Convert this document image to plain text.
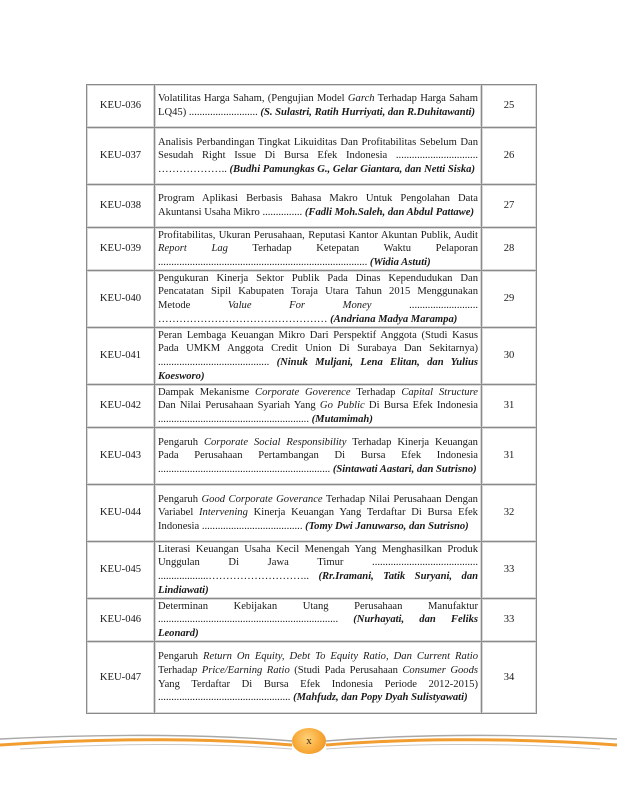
KEU-036	Volatilitas Harga Saham, (Pengujian Model Garch Terhadap Harga Saham LQ45) .......................... (S. Sulastri, Ratih Hurriyati, dan R.Duhitawanti)	25
KEU-037	Analisis Perbandingan Tingkat Likuiditas Dan Profitabilitas Sebelum Dan Sesudah Right Issue Di Bursa Efek Indonesia ............................... ……………….. (Budhi Pamungkas G., Gelar Giantara, dan Netti Siska)	26
KEU-038	Program Aplikasi Berbasis Bahasa Makro Untuk Pengolahan Data Akuntansi Usaha Mikro ............... (Fadli Moh.Saleh, dan Abdul Pattawe)	27
KEU-039	Profitabilitas, Ukuran Perusahaan, Reputasi Kantor Akuntan Publik, Audit Report Lag Terhadap Ketepatan Waktu Pelaporan ............................................................................... (Widia Astuti)	28
KEU-040	Pengukuran Kinerja Sektor Publik Pada Dinas Kependudukan Dan Pencatatan Sipil Kabupaten Toraja Utara Tahun 2015 Menggunakan Metode Value For Money .......................... ………………………………………… (Andriana Madya Marampa)	29
KEU-041	Peran Lembaga Keuangan Mikro Dari Perspektif Anggota (Studi Kasus Pada UMKM Anggota Credit Union Di Surabaya Dan Sekitarnya) .......................................... (Ninuk Muljani, Lena Elitan, dan Yulius Koesworo)	30
KEU-042	Dampak Mekanisme Corporate Goverence Terhadap Capital Structure Dan Nilai Perusahaan Syariah Yang Go Public Di Bursa Efek Indonesia ......................................................... (Mutamimah)	31
KEU-043	Pengaruh Corporate Social Responsibility Terhadap Kinerja Keuangan Pada Perusahaan Pertambangan Di Bursa Efek Indonesia ................................................................. (Sintawati Aastari, dan Sutrisno)	31
KEU-044	Pengaruh Good Corporate Goverance Terhadap Nilai Perusahaan Dengan Variabel Intervening Kinerja Keuangan Yang Terdaftar Di Bursa Efek Indonesia ...................................... (Tomy Dwi Januwarso, dan Sutrisno)	32
KEU-045	Literasi Keuangan Usaha Kecil Menengah Yang Menghasilkan Produk Unggulan Di Jawa Timur ........................................ ...................……………………….. (Rr.Iramani, Tatik Suryani, dan Lindiawati)	33
KEU-046	Determinan Kebijakan Utang Perusahaan Manufaktur .................................................................... (Nurhayati, dan Feliks Leonard)	33
KEU-047	Pengaruh Return On Equity, Debt To Equity Ratio, Dan Current Ratio Terhadap Price/Earning Ratio (Studi Pada Perusahaan Consumer Goods Yang Terdaftar Di Bursa Efek Indonesia Periode 2012-2015) .................................................. (Mahfudz, dan Popy Dyah Sulistyawati)	34
x
